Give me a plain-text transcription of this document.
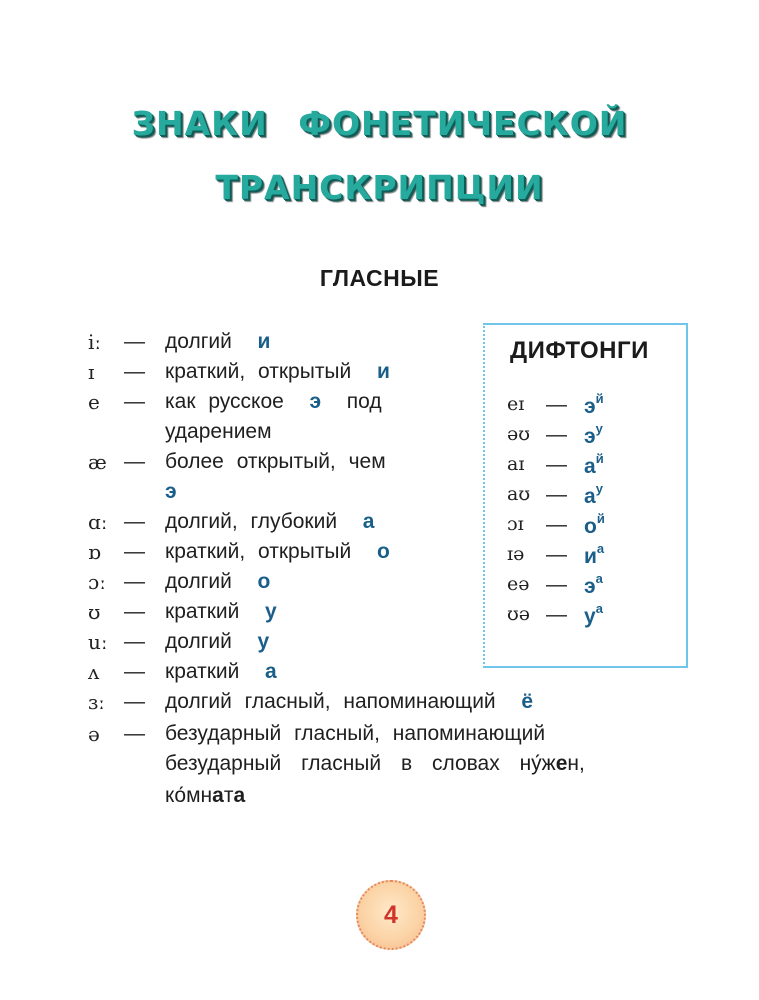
ЗНАКИ ФОНЕТИЧЕСКОЙ
ТРАНСКРИПЦИИ
ГЛАСНЫЕ
iː	— долгий и
ɪ	— краткий, открытый и
e	— как русское э под
ударением
æ — более открытый, чем
э
ɑː — долгий, глубокий а
ɒ	— краткий, открытый о
ɔː — долгий о
ʊ	— краткий у
uː — долгий у
ʌ	— краткий а
ɜː — долгий гласный, напоминающий ё
ə	— безударный гласный, напоминающий
безударный гласный в словах ну́жен,
ко́мната
ДИФТОНГИ
eɪ — $э^й$
əʊ — $э^у$
aɪ — $а^й$
aʊ — $а^у$
ɔɪ — $о^й$
ɪə — $и^а$
eə — $э^а$
ʊə — $у^а$
4
